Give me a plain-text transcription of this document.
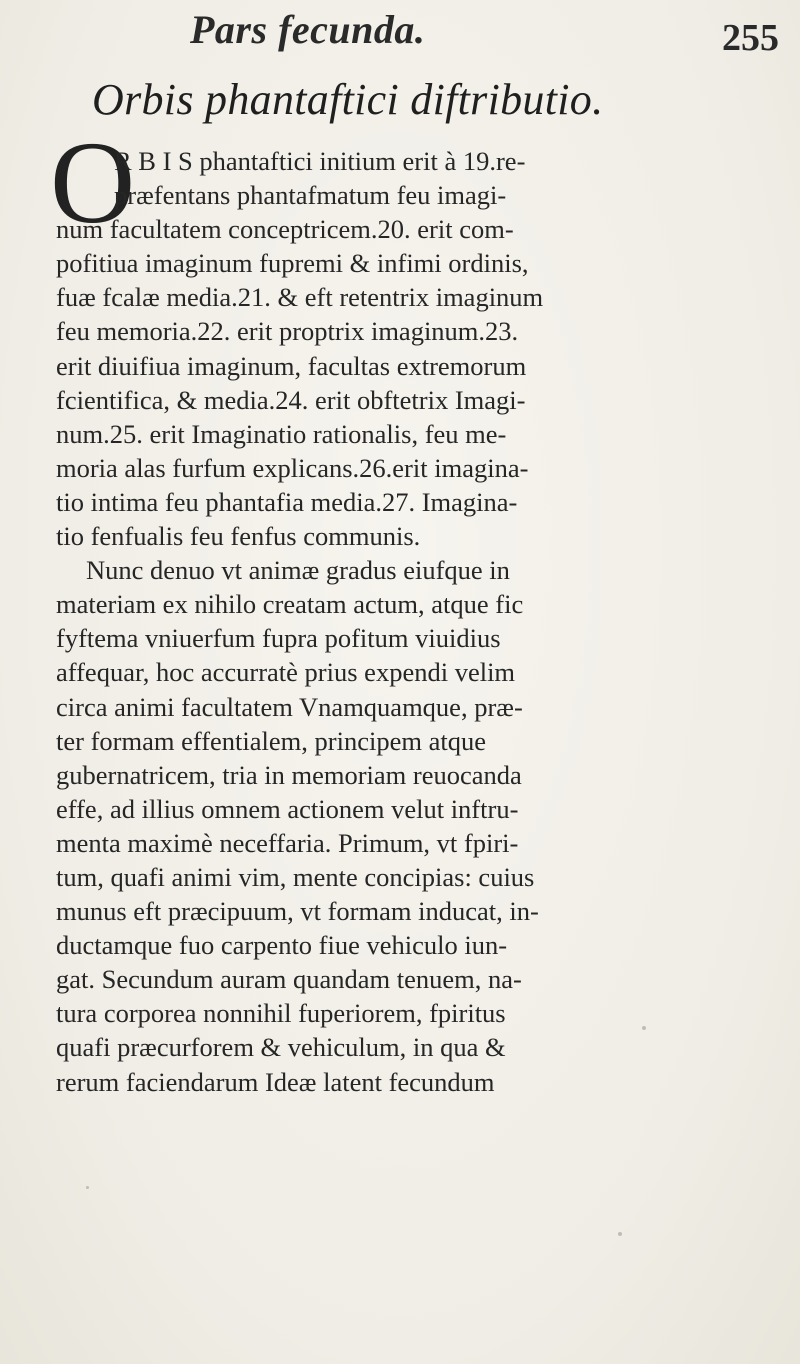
Pars fecunda.	255
Orbis phantaftici diftributio.
O
R B I S phantaftici initium erit à 19.re-
præfentans phantafmatum feu imagi-
num facultatem conceptricem.20. erit com-
pofitiua imaginum fupremi & infimi ordinis,
fuæ fcalæ media.21. & eft retentrix imaginum
feu memoria.22. erit proptrix imaginum.23.
erit diuifiua imaginum, facultas extremorum
fcientifica, & media.24. erit obftetrix Imagi-
num.25. erit Imaginatio rationalis, feu me-
moria alas furfum explicans.26.erit imagina-
tio intima feu phantafia media.27. Imagina-
tio fenfualis feu fenfus communis.
Nunc denuo vt animæ gradus eiufque in
materiam ex nihilo creatam actum, atque fic
fyftema vniuerfum fupra pofitum viuidius
affequar, hoc accurratè prius expendi velim
circa animi facultatem Vnamquamque, præ-
ter formam effentialem, principem atque
gubernatricem, tria in memoriam reuocanda
effe, ad illius omnem actionem velut inftru-
menta maximè neceffaria. Primum, vt fpiri-
tum, quafi animi vim, mente concipias: cuius
munus eft præcipuum, vt formam inducat, in-
ductamque fuo carpento fiue vehiculo iun-
gat. Secundum auram quandam tenuem, na-
tura corporea nonnihil fuperiorem, fpiritus
quafi præcurforem & vehiculum, in qua &
rerum faciendarum Ideæ latent fecundum
